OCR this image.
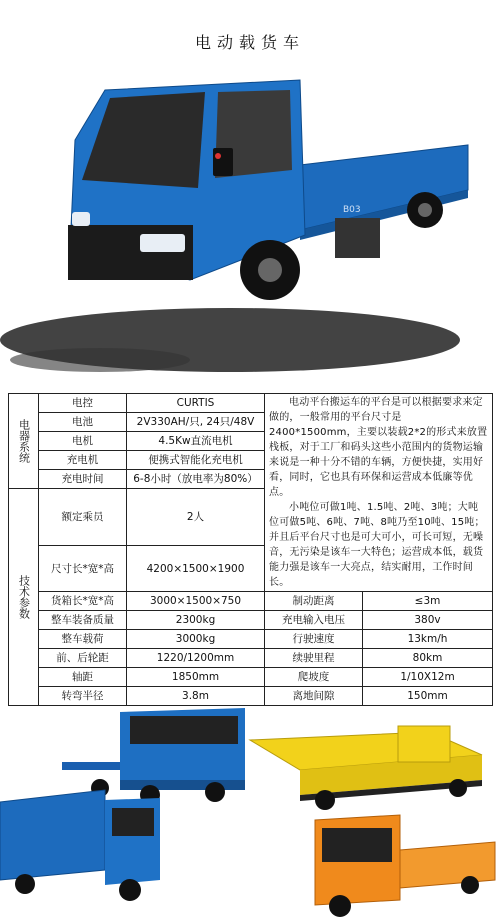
电动载货车
B03
电器系统	电控	CURTIS	电动平台搬运车的平台是可以根据要求来定做的，一般常用的平台尺寸是2400*1500mm，主要以装载2*2的形式来放置栈板，对于工厂和码头这些小范围内的货物运输来说是一种十分不错的车辆，方便快捷，实用好看，同时，它也具有环保和运营成本低廉等优点。

小吨位可做1吨、1.5吨、2吨、3吨；大吨位可做5吨、6吨、7吨、8吨乃至10吨、15吨；并且后平台尺寸也是可大可小，可长可短，无噪音，无污染是该车一大特色；运营成本低，载货能力强是该车一大亮点，结实耐用，工作时间长。	

	电池	2V330AH/只, 24只/48V		
	电机	4.5Kw直流电机		
	充电机	便携式智能化充电机		
	充电时间	6-8小时（放电率为80%）		
技术参数	额定乘员	2人		
	尺寸长*宽*高	4200×1500×1900		
	货箱长*宽*高	3000×1500×750	制动距离	≤3m
	整车装备质量	2300kg	充电输入电压	380v
	整车载荷	3000kg	行驶速度	13km/h
	前、后轮距	1220/1200mm	续驶里程	80km
	轴距	1850mm	爬坡度	1/10X12m
	转弯半径	3.8m	离地间隙	150mm
